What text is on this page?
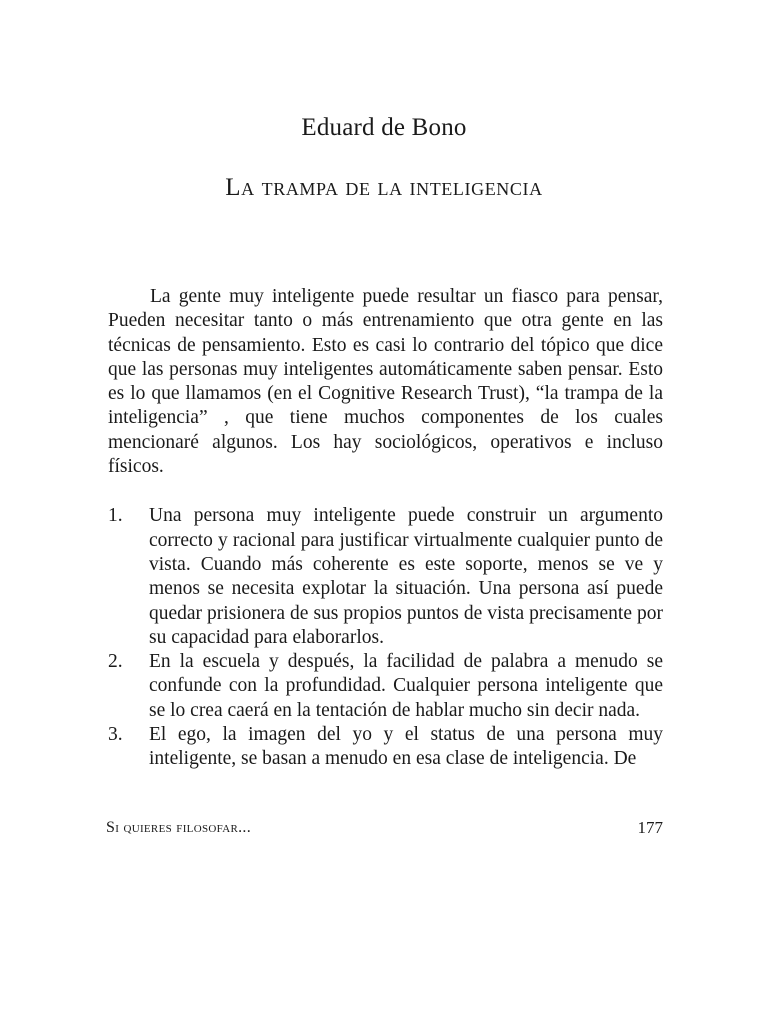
Eduard de Bono
La trampa de la inteligencia

La gente muy inteligente puede resultar un fiasco para pensar, Pueden necesitar tanto o más entrenamiento que otra gente en las técnicas de pensamiento. Esto es casi lo contrario del tópico que dice que las personas muy inteligentes automáticamente saben pensar. Esto es lo que llamamos (en el Cognitive Research Trust), “la trampa de la inteligencia” , que tiene muchos componentes de los cuales mencionaré algunos. Los hay sociológicos, operativos e incluso físicos.

1. Una persona muy inteligente puede construir un argumento correcto y racional para justificar virtualmente cualquier punto de vista. Cuando más coherente es este soporte, menos se ve y menos se necesita explotar la situación. Una persona así puede quedar prisionera de sus propios puntos de vista precisamente por su capacidad para elaborarlos.
2. En la escuela y después, la facilidad de palabra a menudo se confunde con la profundidad. Cualquier persona inteligente que se lo crea caerá en la tentación de hablar mucho sin decir nada.
3. El ego, la imagen del yo y el status de una persona muy inteligente, se basan a menudo en esa clase de inteligencia. De
Si quieres filosofar...	177
